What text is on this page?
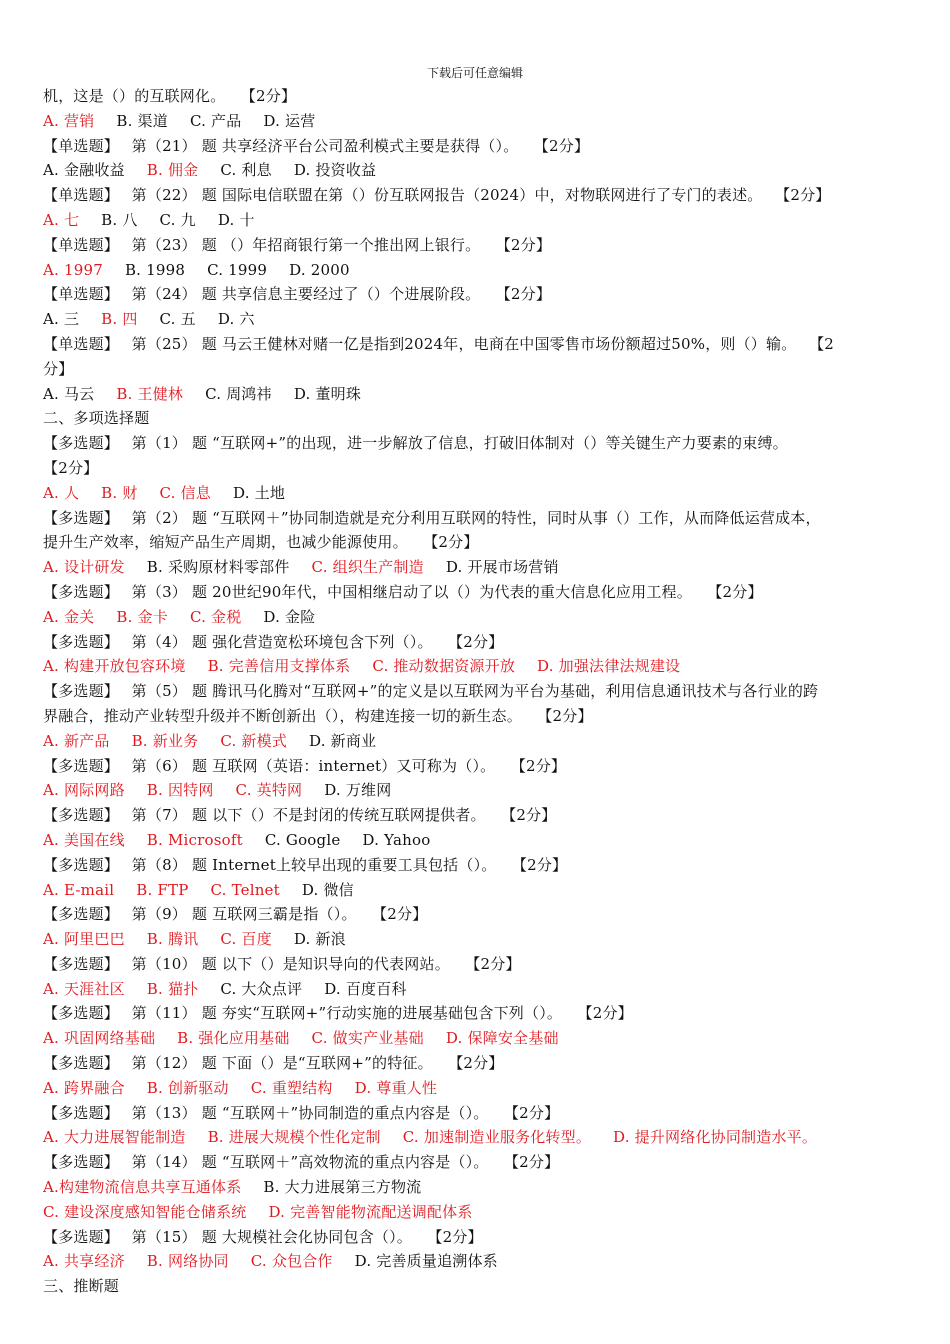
下载后可任意编辑
机，这是（）的互联网化。　　【2分】
A. 营销 B. 渠道 C. 产品 D. 运营
【单选题】　 第（21） 题 共享经济平台公司盈利模式主要是获得（）。　　【2分】
A. 金融收益 B. 佣金 C. 利息 D. 投资收益
【单选题】　 第（22） 题 国际电信联盟在第（）份互联网报告（2024）中，对物联网进行了专门的表述。　 【2分】
A. 七 B. 八 C. 九 D. 十
【单选题】　 第（23） 题 （）年招商银行第一个推出网上银行。　　【2分】
A. 1997 B. 1998 C. 1999 D. 2000
【单选题】　 第（24） 题 共享信息主要经过了（）个进展阶段。　　【2分】
A. 三 B. 四 C. 五 D. 六
【单选题】　 第（25） 题 马云王健林对赌一亿是指到2024年，电商在中国零售市场份额超过50%，则（）输。　 【2
分】
A. 马云 B. 王健林 C. 周鸿祎 D. 董明珠
二、多项选择题
【多选题】　 第（1） 题 “互联网+”的出现，进一步解放了信息，打破旧体制对（）等关键生产力要素的束缚。
【2分】
A. 人 B. 财 C. 信息 D. 土地
【多选题】　 第（2） 题 “互联网＋”协同制造就是充分利用互联网的特性，同时从事（）工作，从而降低运营成本，
提升生产效率，缩短产品生产周期，也减少能源使用。　　【2分】
A. 设计研发 B. 采购原材料零部件 C. 组织生产制造 D. 开展市场营销
【多选题】　 第（3） 题 20世纪90年代，中国相继启动了以（）为代表的重大信息化应用工程。　　【2分】
A. 金关 B. 金卡 C. 金税 D. 金险
【多选题】　 第（4） 题 强化营造宽松环境包含下列（）。　　【2分】
A. 构建开放包容环境 B. 完善信用支撑体系 C. 推动数据资源开放 D. 加强法律法规建设
【多选题】　 第（5） 题 腾讯马化腾对“互联网+”的定义是以互联网为平台为基础，利用信息通讯技术与各行业的跨
界融合，推动产业转型升级并不断创新出（），构建连接一切的新生态。　　【2分】
A. 新产品 B. 新业务 C. 新模式 D. 新商业
【多选题】　 第（6） 题 互联网（英语：internet）又可称为（）。　　【2分】
A. 网际网路 B. 因特网 C. 英特网 D. 万维网
【多选题】　 第（7） 题 以下（）不是封闭的传统互联网提供者。　　【2分】
A. 美国在线 B. Microsoft C. Google D. Yahoo
【多选题】　 第（8） 题 Internet上较早出现的重要工具包括（）。　　【2分】
A. E-mail B. FTP C. Telnet D. 微信
【多选题】　 第（9） 题 互联网三霸是指（）。　　【2分】
A. 阿里巴巴 B. 腾讯 C. 百度 D. 新浪
【多选题】　 第（10） 题 以下（）是知识导向的代表网站。　　【2分】
A. 天涯社区 B. 猫扑 C. 大众点评 D. 百度百科
【多选题】　 第（11） 题 夯实“互联网+”行动实施的进展基础包含下列（）。　　【2分】
A. 巩固网络基础 B. 强化应用基础 C. 做实产业基础 D. 保障安全基础
【多选题】　 第（12） 题 下面（）是“互联网+”的特征。　　【2分】
A. 跨界融合 B. 创新驱动 C. 重塑结构 D. 尊重人性
【多选题】　 第（13） 题 “互联网＋”协同制造的重点内容是（）。　　【2分】
A. 大力进展智能制造 B. 进展大规模个性化定制 C. 加速制造业服务化转型。 D. 提升网络化协同制造水平。
【多选题】　 第（14） 题 “互联网＋”高效物流的重点内容是（）。　　【2分】
A.构建物流信息共享互通体系 B. 大力进展第三方物流
C. 建设深度感知智能仓储系统 D. 完善智能物流配送调配体系
【多选题】　 第（15） 题 大规模社会化协同包含（）。　　【2分】
A. 共享经济 B. 网络协同 C. 众包合作 D. 完善质量追溯体系
三、推断题
